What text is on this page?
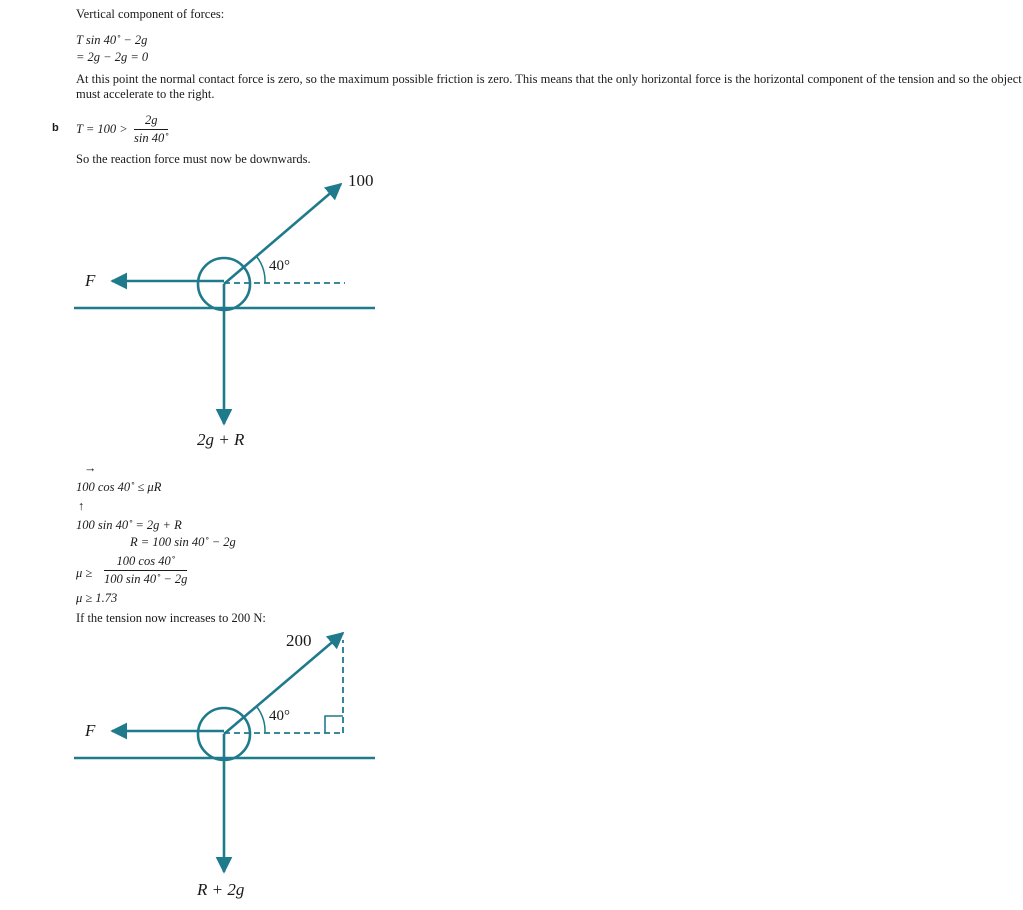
Vertical component of forces:
T sin 40˚ − 2g
= 2g − 2g = 0
At this point the normal contact force is zero, so the maximum possible friction is zero. This means that the only horizontal force is the horizontal component of the tension and so the object must accelerate to the right.
b T = 100 >
2g
sin 40˚
So the reaction force must now be downwards.
100
40°
F
2g + R
→
100 cos 40˚ ≤ μR
↑
100 sin 40˚ = 2g + R
R = 100 sin 40˚ − 2g
μ ≥
100 cos 40˚
100 sin 40˚ − 2g
μ ≥ 1.73
If the tension now increases to 200 N:
200
40°
F
R + 2g
